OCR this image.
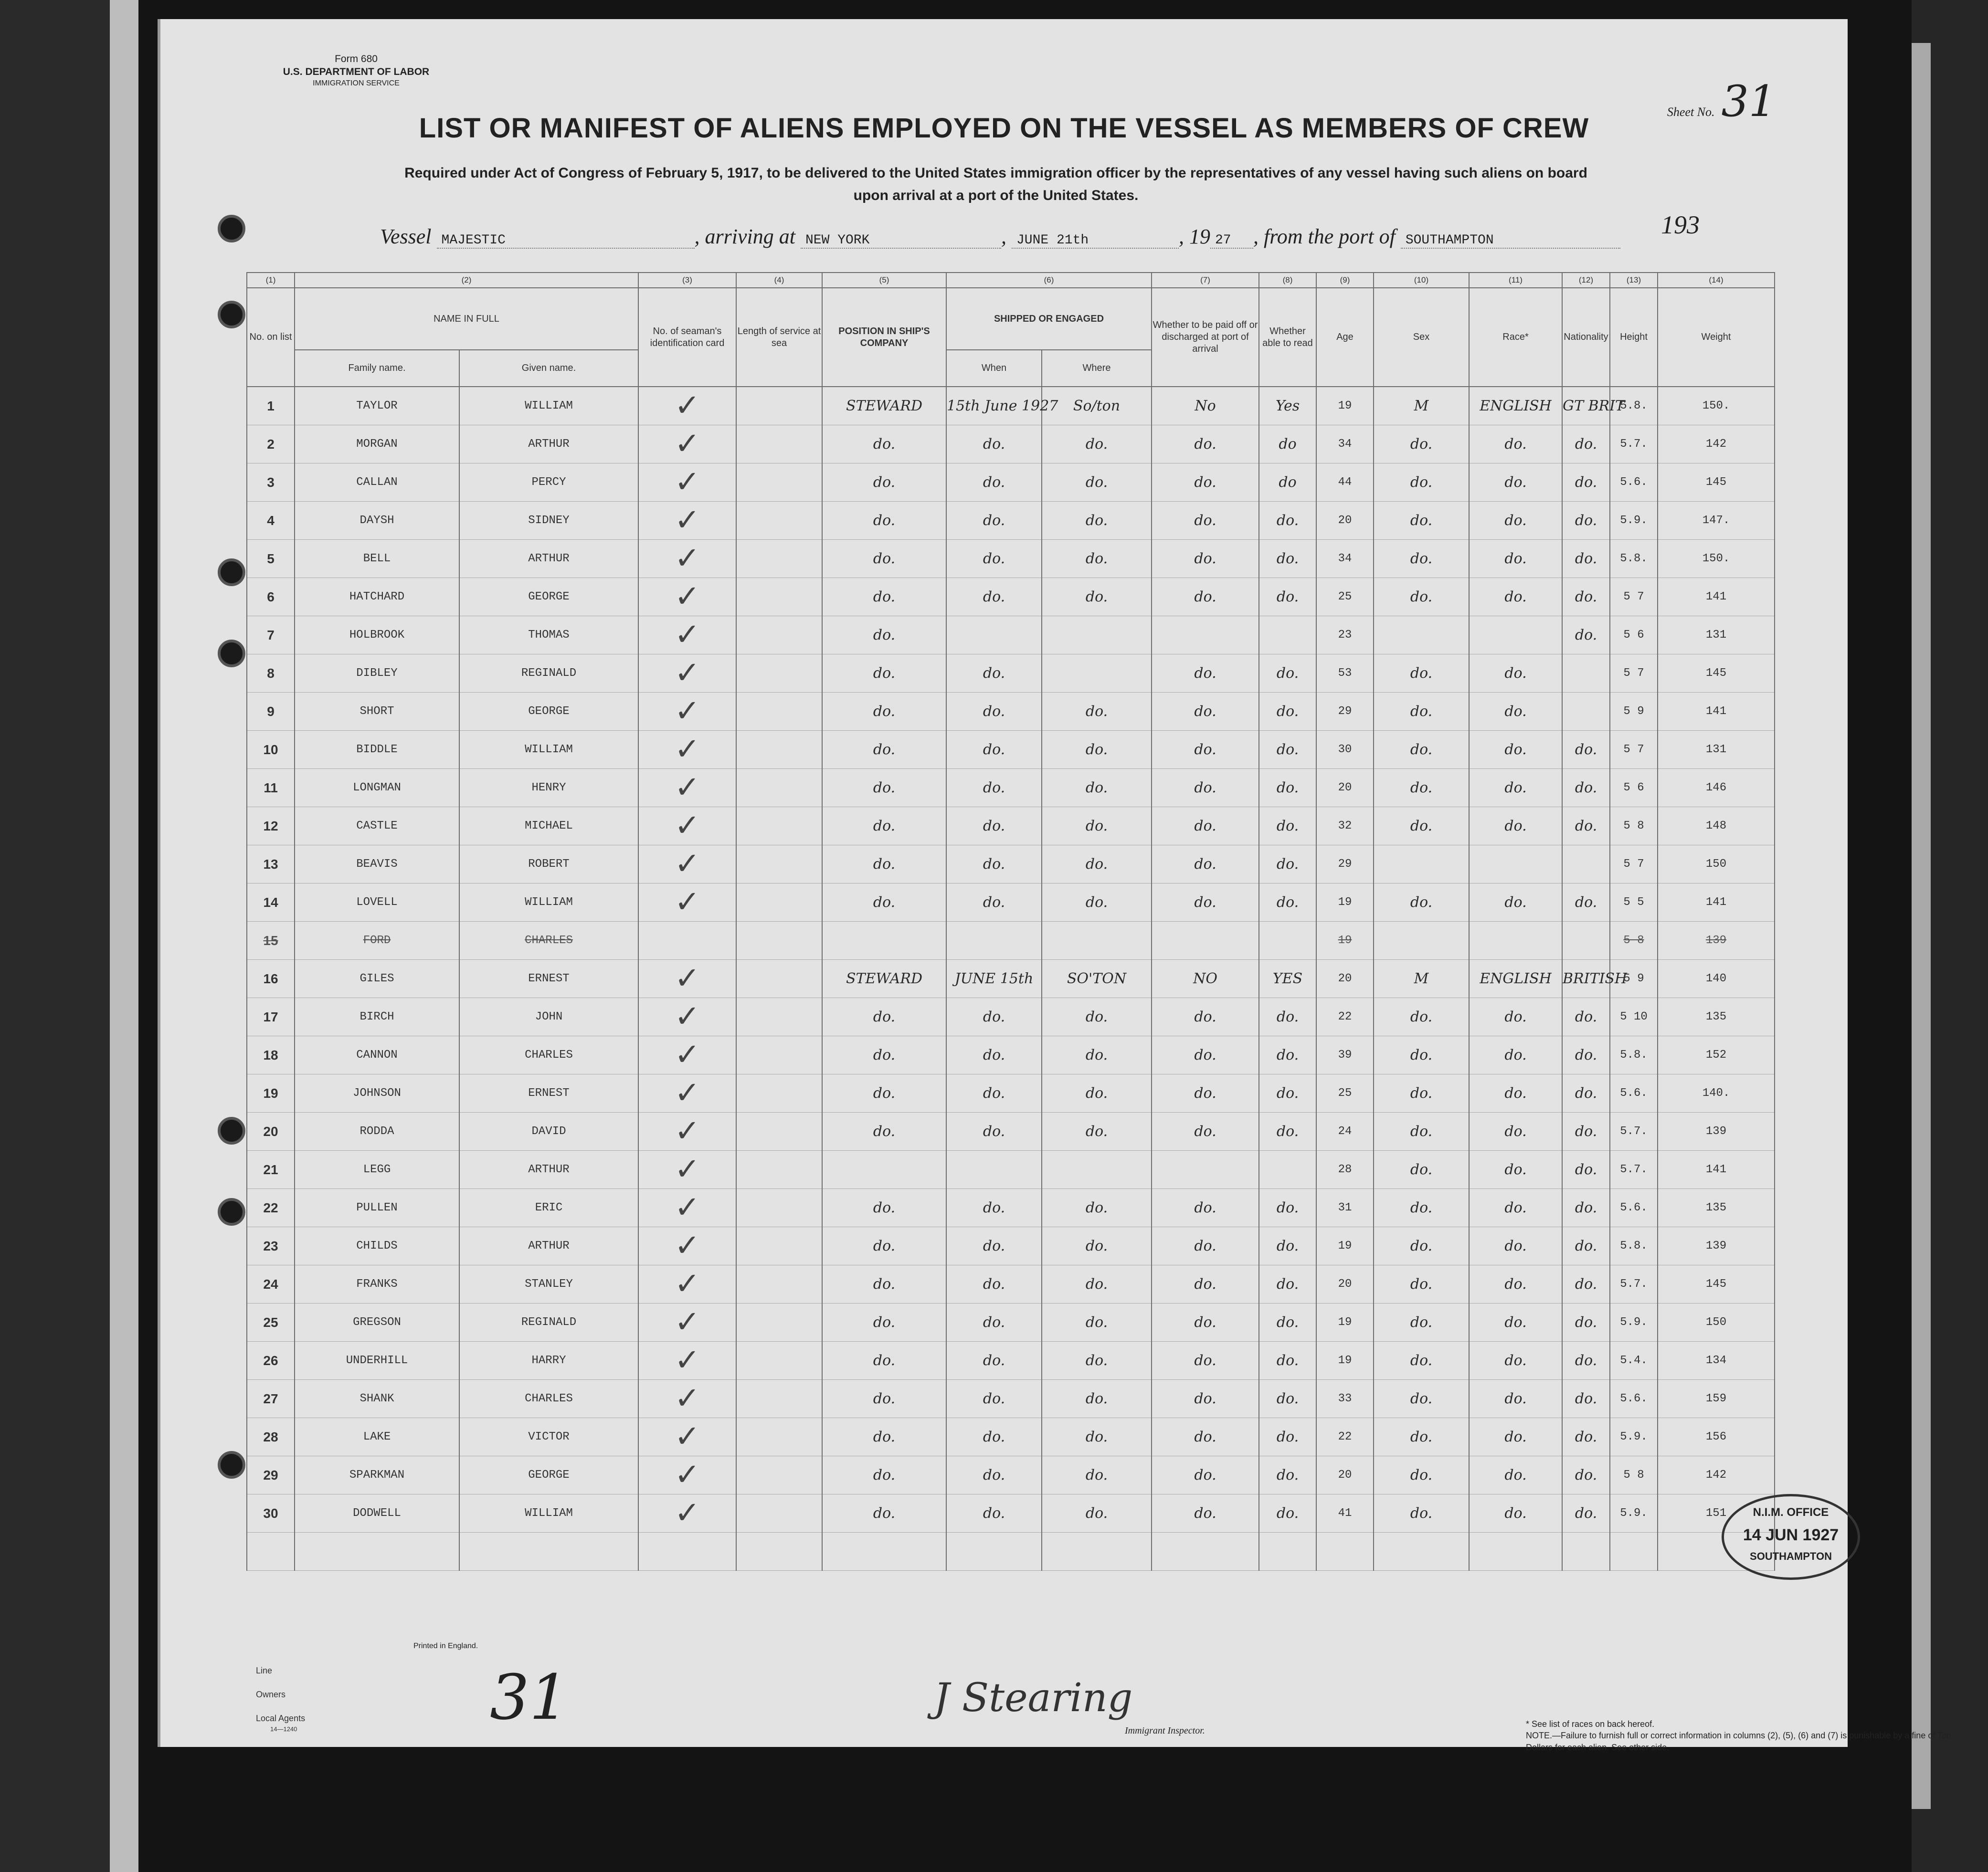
Form 680
U.S. DEPARTMENT OF LABOR
IMMIGRATION SERVICE
Sheet No. 31
LIST OR MANIFEST OF ALIENS EMPLOYED ON THE VESSEL AS MEMBERS OF CREW
Required under Act of Congress of February 5, 1917, to be delivered to the United States immigration officer by the representatives of any vessel having such aliens on board upon arrival at a port of the United States.
Vessel MAJESTIC	, arriving at NEW YORK	, JUNE 21th	, 19 27 , from the port of SOUTHAMPTON
193
(1)	(2)		(3)	(4)	(5)	(6)		(7)	(8)	(9)	(10)	(11)	(12)	(13)	(14)	
No. on list	NAME IN FULL		No. of seaman's identification card	Length of service at sea	POSITION IN SHIP'S COMPANY	SHIPPED OR ENGAGED		Whether to be paid off or discharged at port of arrival	Whether able to read	Age	Sex	Race*	Nationality	Height	Weight	
	Family name.	Given name.				When	Where									
1	TAYLOR	WILLIAM	✓		STEWARD	15th June 1927	So/ton	No	Yes	19	M	ENGLISH	GT BRIT	5.8.	150.	
2	MORGAN	ARTHUR	✓		do.	do.	do.	do.	do	34	do.	do.	do.	5.7.	142	
3	CALLAN	PERCY	✓		do.	do.	do.	do.	do	44	do.	do.	do.	5.6.	145	
4	DAYSH	SIDNEY	✓		do.	do.	do.	do.	do.	20	do.	do.	do.	5.9.	147.	
5	BELL	ARTHUR	✓		do.	do.	do.	do.	do.	34	do.	do.	do.	5.8.	150.	
6	HATCHARD	GEORGE	✓		do.	do.	do.	do.	do.	25	do.	do.	do.	5 7	141	
7	HOLBROOK	THOMAS	✓		do.					23			do.	5 6	131	
8	DIBLEY	REGINALD	✓		do.	do.		do.	do.	53	do.	do.		5 7	145	
9	SHORT	GEORGE	✓		do.	do.	do.	do.	do.	29	do.	do.		5 9	141	
10	BIDDLE	WILLIAM	✓		do.	do.	do.	do.	do.	30	do.	do.	do.	5 7	131	
11	LONGMAN	HENRY	✓		do.	do.	do.	do.	do.	20	do.	do.	do.	5 6	146	
12	CASTLE	MICHAEL	✓		do.	do.	do.	do.	do.	32	do.	do.	do.	5 8	148	
13	BEAVIS	ROBERT	✓		do.	do.	do.	do.	do.	29				5 7	150	
14	LOVELL	WILLIAM	✓		do.	do.	do.	do.	do.	19	do.	do.	do.	5 5	141	
15	FORD	CHARLES								19				5 8	139	
16	GILES	ERNEST	✓		STEWARD	JUNE 15th	SO'TON	NO	YES	20	M	ENGLISH	BRITISH	5 9	140	
17	BIRCH	JOHN	✓		do.	do.	do.	do.	do.	22	do.	do.	do.	5 10	135	
18	CANNON	CHARLES	✓		do.	do.	do.	do.	do.	39	do.	do.	do.	5.8.	152	
19	JOHNSON	ERNEST	✓		do.	do.	do.	do.	do.	25	do.	do.	do.	5.6.	140.	
20	RODDA	DAVID	✓		do.	do.	do.	do.	do.	24	do.	do.	do.	5.7.	139	
21	LEGG	ARTHUR	✓							28	do.	do.	do.	5.7.	141	
22	PULLEN	ERIC	✓		do.	do.	do.	do.	do.	31	do.	do.	do.	5.6.	135	
23	CHILDS	ARTHUR	✓		do.	do.	do.	do.	do.	19	do.	do.	do.	5.8.	139	
24	FRANKS	STANLEY	✓		do.	do.	do.	do.	do.	20	do.	do.	do.	5.7.	145	
25	GREGSON	REGINALD	✓		do.	do.	do.	do.	do.	19	do.	do.	do.	5.9.	150	
26	UNDERHILL	HARRY	✓		do.	do.	do.	do.	do.	19	do.	do.	do.	5.4.	134	
27	SHANK	CHARLES	✓		do.	do.	do.	do.	do.	33	do.	do.	do.	5.6.	159	
28	LAKE	VICTOR	✓		do.	do.	do.	do.	do.	22	do.	do.	do.	5.9.	156	
29	SPARKMAN	GEORGE	✓		do.	do.	do.	do.	do.	20	do.	do.	do.	5 8	142	
30	DODWELL	WILLIAM	✓		do.	do.	do.	do.	do.	41	do.	do.	do.	5.9.	151	

Printed in England.
Line
Owners
Local Agents
14—1240	31	J Stearing
Immigrant Inspector.
* See list of races on back hereof.
NOTE.—Failure to furnish full or correct information in columns (2), (5), (6) and (7) is punishable by a fine of Ten Dollars for each alien. See other side.
N.I.M. OFFICE
14 JUN 1927
SOUTHAMPTON
